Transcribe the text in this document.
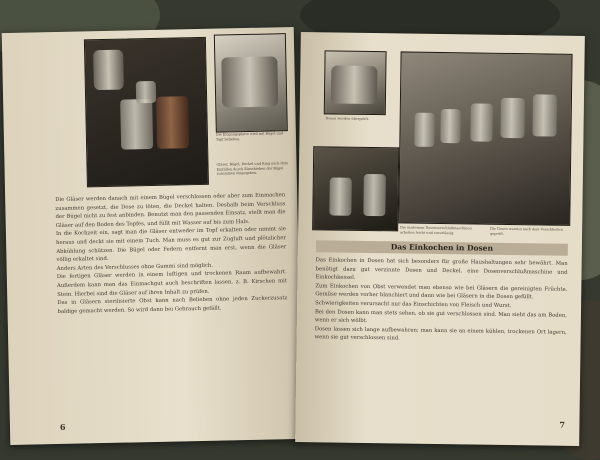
Die Eingangsplatte wird mit Bügel und Topf belieben.
Gläser, Bügel, Deckel und Ring nach dem Einfüllen durch Einschieben der Bügel zusammen eingegeben.

Die Gläser werden danach mit einem Bügel verschlossen oder aber zum Einmachen zusammen gesetzt, die Dose zu löten, die Deckel halten. Deshalb beim Verschluss der Bügel nicht zu fest anbinden. Benutzt man den passenden Einsatz, stellt man die Gläser auf den Boden des Topfes, und füllt mit Wasser auf bis zum Hals.

In die Kochzeit ein, sagt man die Gläser entweder im Topf erkalten oder nimmt sie heraus und deckt sie mit einem Tuch. Man muss es gut zur Zugluft und plötzlicher Abkühlung schützen. Die Bügel oder Federn entfernt man erst, wenn die Gläser völlig erkaltet sind.

Anders Arten des Verschlusses ohne Gummi sind möglich.

Die fertigen Gläser werden in einem luftigen und trockenen Raum aufbewahrt. Außerdem kann man das Einmachgut auch beschriften lassen, z. B. Kirschen mit Stein. Hierbei sind die Gläser auf ihren Inhalt zu prüfen.

Das in Gläsern sterilisierte Obst kann nach Belieben ohne jeden Zuckerzusatz baldige gemacht werden. So wird dann bei Gebrauch gefällt.

6
Dosen werden überprüft.
Die modernen Dosenverschlußmaschinen arbeiten leicht und zuverlässig.
Die Dosen werden nach dem Verschließen geprüft.
Das Einkochen in Dosen

Das Einkochen in Dosen hat sich besonders für große Haushaltungen sehr bewährt. Man benötigt dazu gut verzinnte Dosen und Deckel, eine Dosenverschlußmaschine und Einkochkessel.

Zum Einkochen von Obst verwendet man ebenso wie bei Gläsern die gereinigten Früchte. Gemüse werden vorher blanchiert und dann wie bei Gläsern in die Dosen gefüllt.

Schwierigkeiten verursacht nur das Einschichten von Fleisch und Wurst.

Bei den Dosen kann man stets sehen, ob sie gut verschlossen sind. Man sieht das am Boden, wenn er sich wölbt.

Dosen lassen sich lange aufbewahren; man kann sie an einem kühlen, trockenen Ort lagern, wenn sie gut verschlossen sind.

7
